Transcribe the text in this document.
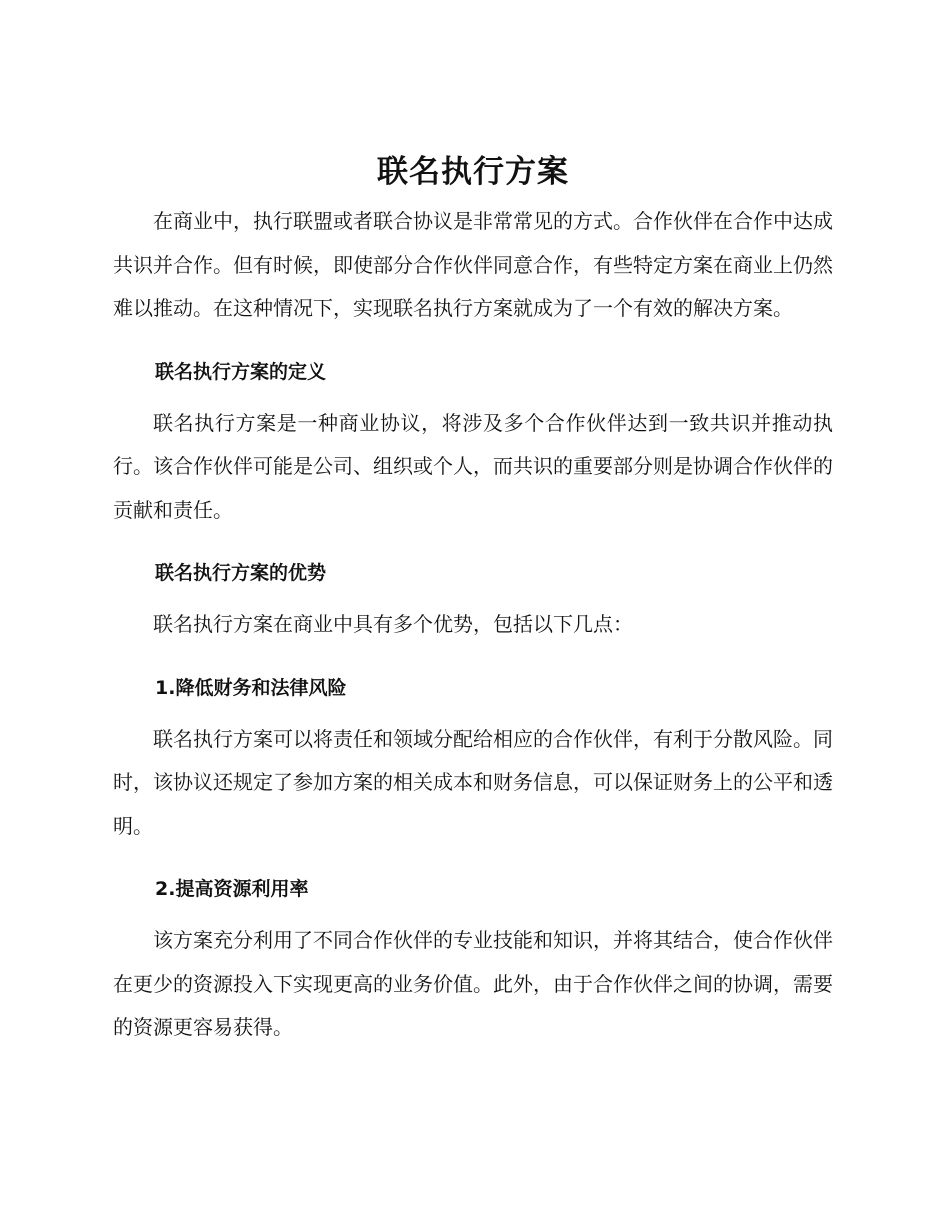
联名执行方案

在商业中，执行联盟或者联合协议是非常常见的方式。合作伙伴在合作中达成共识并合作。但有时候，即使部分合作伙伴同意合作，有些特定方案在商业上仍然难以推动。在这种情况下，实现联名执行方案就成为了一个有效的解决方案。

联名执行方案的定义

联名执行方案是一种商业协议，将涉及多个合作伙伴达到一致共识并推动执行。该合作伙伴可能是公司、组织或个人，而共识的重要部分则是协调合作伙伴的贡献和责任。

联名执行方案的优势

联名执行方案在商业中具有多个优势，包括以下几点：

1.降低财务和法律风险

联名执行方案可以将责任和领域分配给相应的合作伙伴，有利于分散风险。同时，该协议还规定了参加方案的相关成本和财务信息，可以保证财务上的公平和透明。

2.提高资源利用率

该方案充分利用了不同合作伙伴的专业技能和知识，并将其结合，使合作伙伴在更少的资源投入下实现更高的业务价值。此外，由于合作伙伴之间的协调，需要的资源更容易获得。
